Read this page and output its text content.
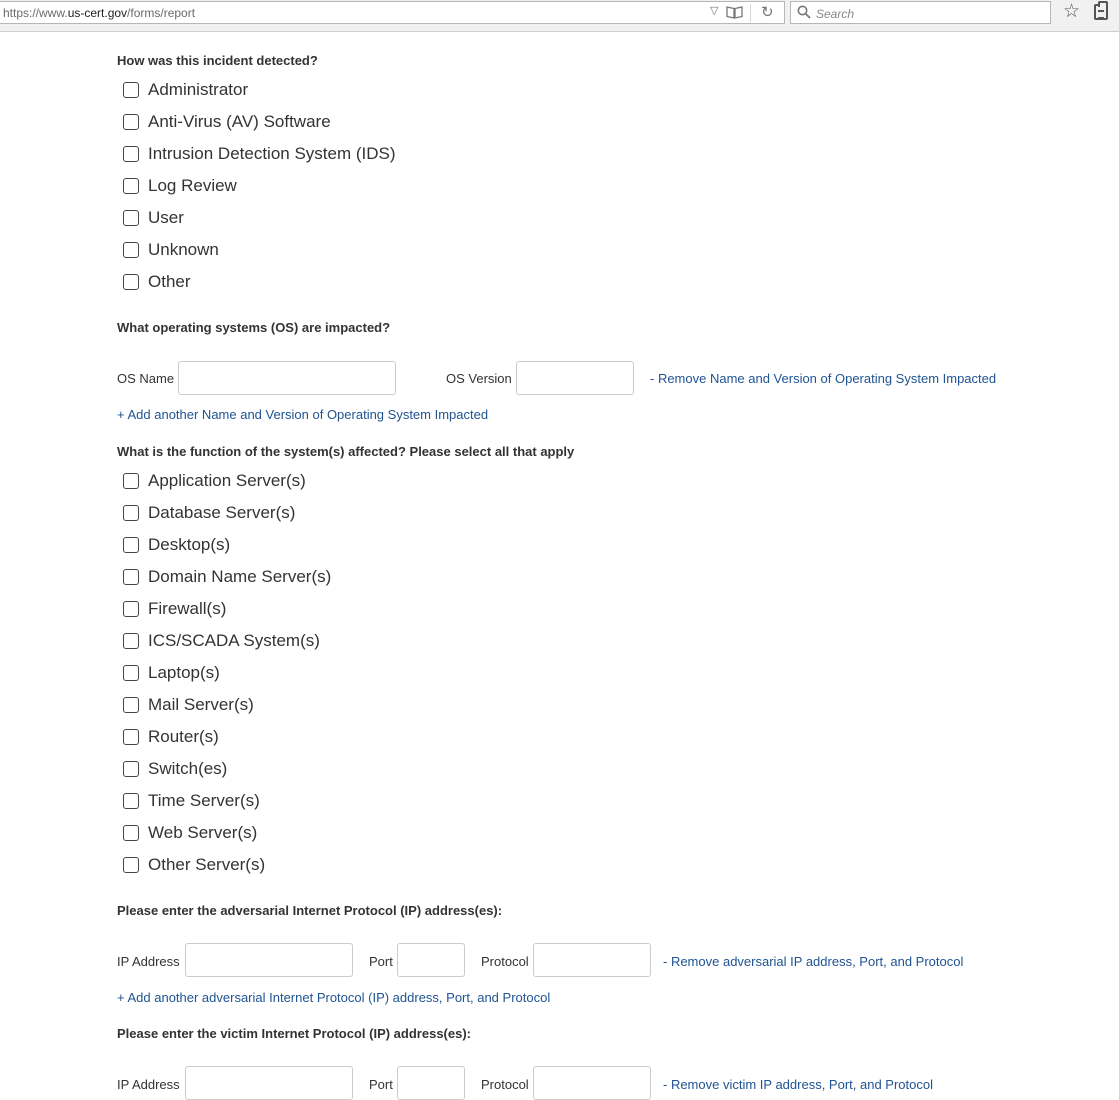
https://www.us-cert.gov/forms/report	▽	↻	Search	☆

How was this incident detected?

Administrator
Anti-Virus (AV) Software
Intrusion Detection System (IDS)
Log Review
User
Unknown
Other

What operating systems (OS) are impacted?

OS Name	OS Version	- Remove Name and Version of Operating System Impacted
+ Add another Name and Version of Operating System Impacted

What is the function of the system(s) affected? Please select all that apply

Application Server(s)
Database Server(s)
Desktop(s)
Domain Name Server(s)
Firewall(s)
ICS/SCADA System(s)
Laptop(s)
Mail Server(s)
Router(s)
Switch(es)
Time Server(s)
Web Server(s)
Other Server(s)

Please enter the adversarial Internet Protocol (IP) address(es):

IP Address	Port	Protocol	- Remove adversarial IP address, Port, and Protocol
+ Add another adversarial Internet Protocol (IP) address, Port, and Protocol

Please enter the victim Internet Protocol (IP) address(es):

IP Address	Port	Protocol	- Remove victim IP address, Port, and Protocol
